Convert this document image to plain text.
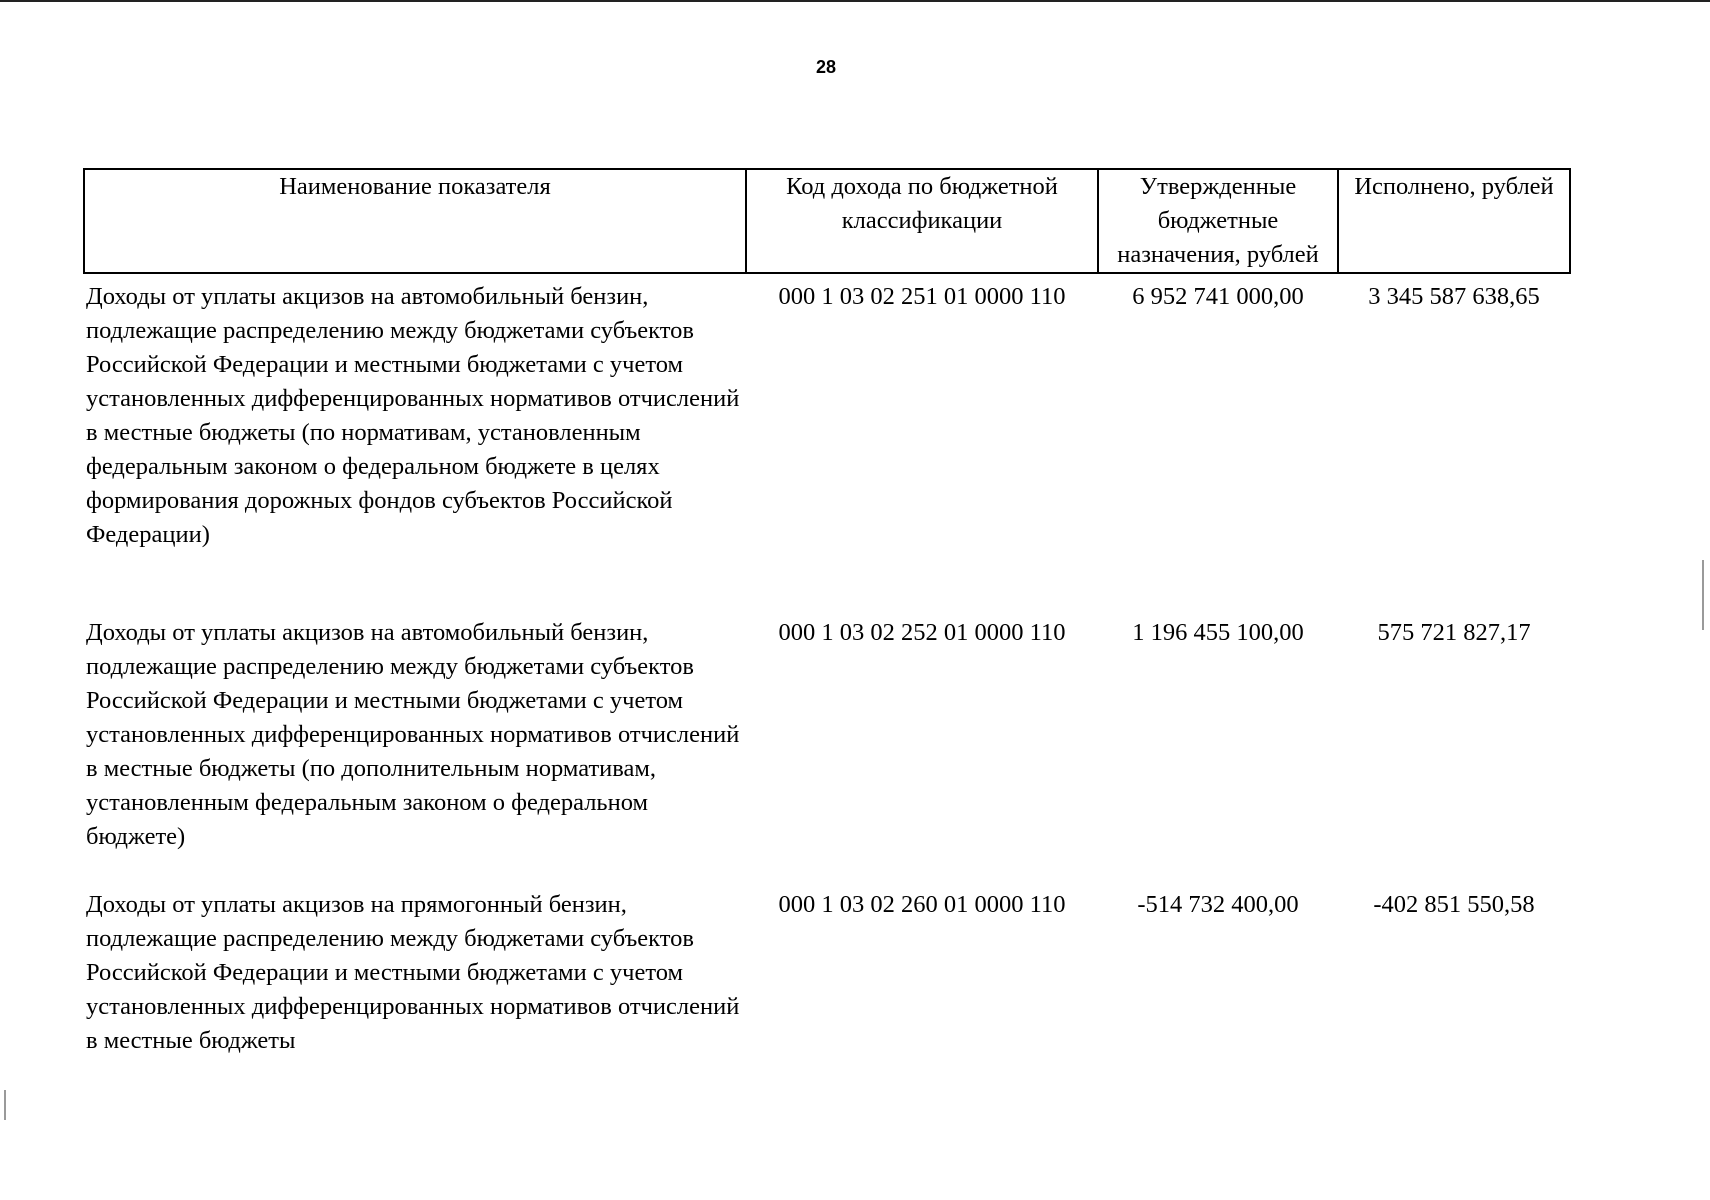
28
Наименование показателя	Код дохода по бюджетной классификации	Утвержденные бюджетные назначения, рублей	Исполнено, рублей
Доходы от уплаты акцизов на автомобильный бензин, подлежащие распределению между бюджетами субъектов Российской Федерации и местными бюджетами с учетом установленных дифференцированных нормативов отчислений в местные бюджеты (по нормативам, установленным федеральным законом о федеральном бюджете в целях формирования дорожных фондов субъектов Российской Федерации)	000 1 03 02 251 01 0000 110	6 952 741 000,00	3 345 587 638,65
Доходы от уплаты акцизов на автомобильный бензин, подлежащие распределению между бюджетами субъектов Российской Федерации и местными бюджетами с учетом установленных дифференцированных нормативов отчислений в местные бюджеты (по дополнительным нормативам, установленным федеральным законом о федеральном бюджете)	000 1 03 02 252 01 0000 110	1 196 455 100,00	575 721 827,17
Доходы от уплаты акцизов на прямогонный бензин, подлежащие распределению между бюджетами субъектов Российской Федерации и местными бюджетами с учетом установленных дифференцированных нормативов отчислений в местные бюджеты	000 1 03 02 260 01 0000 110	-514 732 400,00	-402 851 550,58
